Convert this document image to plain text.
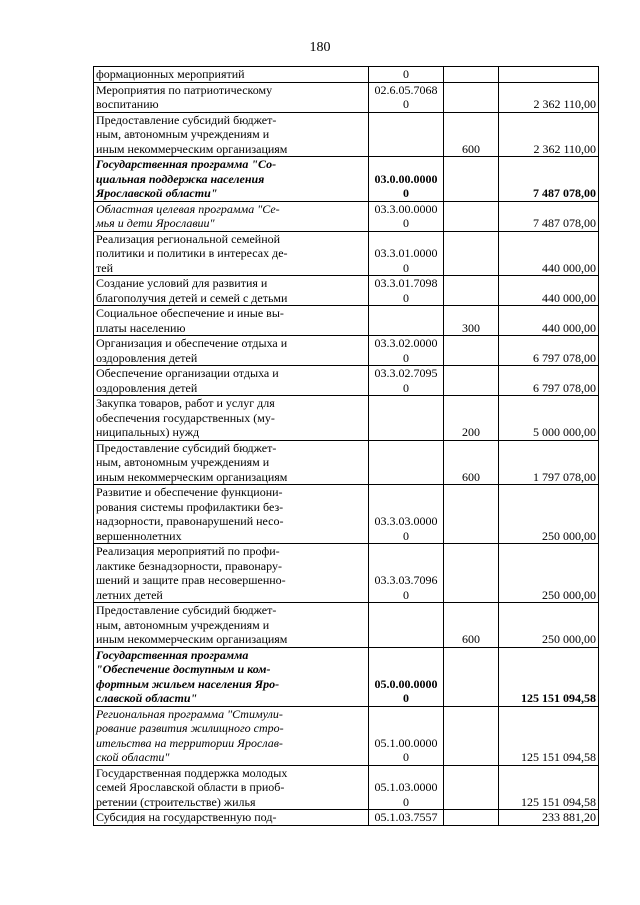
180
формационных мероприятий	0		

Мероприятия по патриотическому
воспитанию	02.6.05.7068
0		2 362 110,00

Предоставление субсидий бюджет-
ным, автономным учреждениям и
иным некоммерческим организациям		600	2 362 110,00

Государственная программа "Со-
циальная поддержка населения
Ярославской области"	03.0.00.0000
0		7 487 078,00

Областная целевая программа "Се-
мья и дети Ярославии"	03.3.00.0000
0		7 487 078,00

Реализация региональной семейной
политики и политики в интересах де-
тей	03.3.01.0000
0		440 000,00

Создание условий для развития и
благополучия детей и семей с детьми	03.3.01.7098
0		440 000,00

Социальное обеспечение и иные вы-
платы населению		300	440 000,00

Организация и обеспечение отдыха и
оздоровления детей	03.3.02.0000
0		6 797 078,00

Обеспечение организации отдыха и
оздоровления детей	03.3.02.7095
0		6 797 078,00

Закупка товаров, работ и услуг для
обеспечения государственных (му-
ниципальных) нужд		200	5 000 000,00

Предоставление субсидий бюджет-
ным, автономным учреждениям и
иным некоммерческим организациям		600	1 797 078,00

Развитие и обеспечение функциони-
рования системы профилактики без-
надзорности, правонарушений несо-
вершеннолетних	03.3.03.0000
0		250 000,00

Реализация мероприятий по профи-
лактике безнадзорности, правонару-
шений и защите прав несовершенно-
летних детей	03.3.03.7096
0		250 000,00

Предоставление субсидий бюджет-
ным, автономным учреждениям и
иным некоммерческим организациям		600	250 000,00

Государственная программа
"Обеспечение доступным и ком-
фортным жильем населения Яро-
славской области"	05.0.00.0000
0		125 151 094,58

Региональная программа "Стимули-
рование развития жилищного стро-
ительства на территории Ярослав-
ской области"	05.1.00.0000
0		125 151 094,58

Государственная поддержка молодых
семей Ярославской области в приоб-
ретении (строительстве) жилья	05.1.03.0000
0		125 151 094,58

Субсидия на государственную под-	05.1.03.7557		233 881,20
